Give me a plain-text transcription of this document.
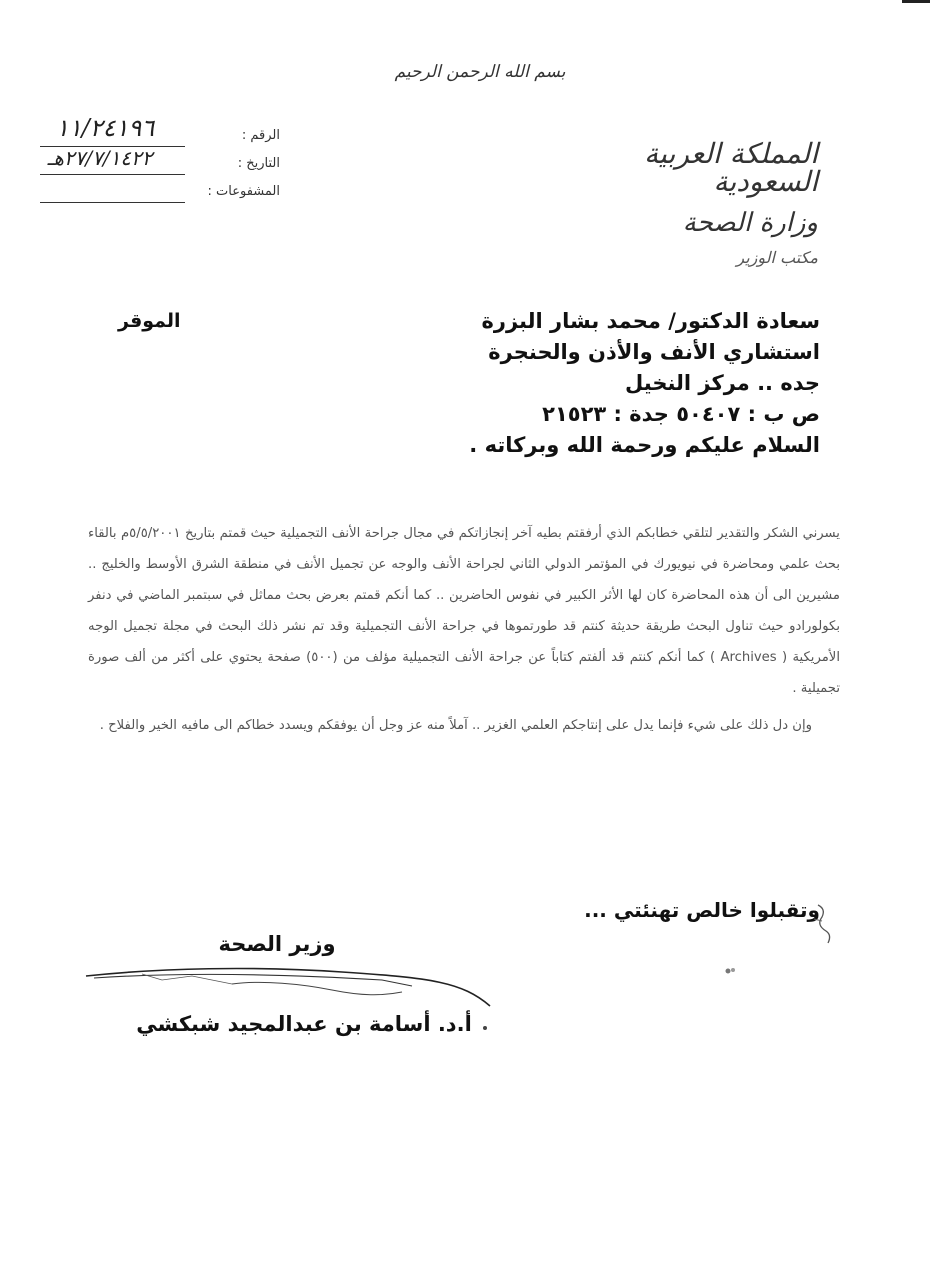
بسم الله الرحمن الرحيم
المملكة العربية السعودية
وزارة الصحة
مكتب الوزير
١١/٢٤١٩٦	الرقم :
٢٧/٧/١٤٢٢هـ	التاريخ :
المشفوعات :
سعادة الدكتور/ محمد بشار البزرة
استشاري الأنف والأذن والحنجرة
جده .. مركز النخيل
ص ب : ٥٠٤٠٧ جدة : ٢١٥٢٣
السلام عليكم ورحمة الله وبركاته .
الموقر

يسرني الشكر والتقدير لتلقي خطابكم الذي أرفقتم بطيه آخر إنجازاتكم في مجال جراحة الأنف التجميلية حيث قمتم بتاريخ ٥/٥/٢٠٠١م بالقاء بحث علمي ومحاضرة في نيويورك في المؤتمر الدولي الثاني لجراحة الأنف والوجه عن تجميل الأنف في منطقة الشرق الأوسط والخليج .. مشيرين الى أن هذه المحاضرة كان لها الأثر الكبير في نفوس الحاضرين .. كما أنكم قمتم بعرض بحث مماثل في سبتمبر الماضي في دنفر بكولورادو حيث تناول البحث طريقة حديثة كنتم قد طورتموها في جراحة الأنف التجميلية وقد تم نشر ذلك البحث في مجلة تجميل الوجه الأمريكية ( Archives ) كما أنكم كنتم قد ألفتم كتاباً عن جراحة الأنف التجميلية مؤلف من (٥٠٠) صفحة يحتوي على أكثر من ألف صورة تجميلية .

وإن دل ذلك على شيء فإنما يدل على إنتاجكم العلمي الغزير .. آملاً منه عز وجل أن يوفقكم ويسدد خطاكم الى مافيه الخير والفلاح .

وتقبلوا خالص تهنئتي ...
وزير الصحة
أ.د. أسامة بن عبدالمجيد شبكشي
